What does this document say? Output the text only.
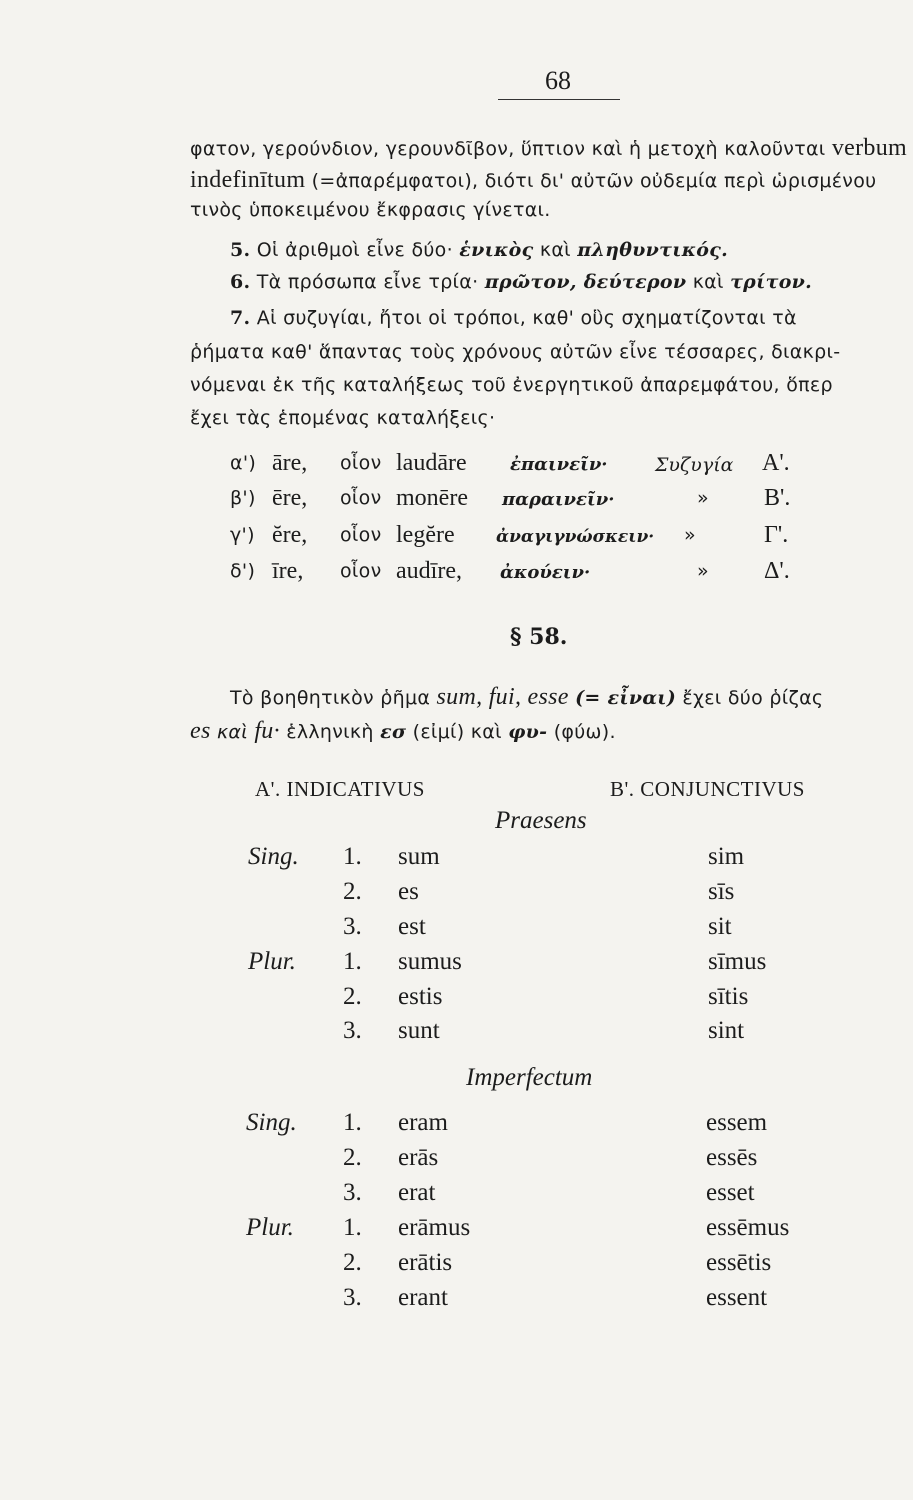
68
φατον, γερούνδιον, γερουνδῖβον, ὕπτιον καὶ ἡ μετοχὴ καλοῦνται verbum
indefinītum (=ἀπαρέμφατοι), διότι δι' αὐτῶν οὐδεμία περὶ ὡρισμένου
τινὸς ὑποκειμένου ἔκφρασις γίνεται.
5. Οἱ ἀριθμοὶ εἶνε δύο· ἑνικὸς καὶ πληθυντικός.
6. Τὰ πρόσωπα εἶνε τρία· πρῶτον, δεύτερον καὶ τρίτον.
7. Αἱ συζυγίαι, ἤτοι οἱ τρόποι, καθ' οὓς σχηματίζονται τὰ
ῥήματα καθ' ἅπαντας τοὺς χρόνους αὐτῶν εἶνε τέσσαρες, διακρι-
νόμεναι ἐκ τῆς καταλήξεως τοῦ ἐνεργητικοῦ ἀπαρεμφάτου, ὅπερ
ἔχει τὰς ἑπομένας καταλήξεις·
α') āre, οἷον laudāre ἐπαινεῖν· Συζυγία Α'.
β') ēre, οἷον monēre παραινεῖν·	» Β'.
γ') ĕre, οἷον legĕre ἀναγιγνώσκειν· »	Γ'.
δ') īre, οἷον audīre, ἀκούειν·	» Δ'.
§ 58.
Τὸ βοηθητικὸν ῥῆμα sum, fui, esse (= εἶναι) ἔχει δύο ῥίζας
es καὶ fu· ἑλληνικὴ εσ (εἰμί) καὶ φυ- (φύω).
Α'. INDICATIVUS	Β'. CONJUNCTIVUS
Praesens
Sing. 1. sum	sim
2. es	sīs
3. est	sit
Plur. 1. sumus	sīmus
2. estis	sītis
3. sunt	sint
Imperfectum
Sing. 1. eram	essem
2. erās	essēs
3. erat	esset
Plur. 1. erāmus	essēmus
2. erātis	essētis
3. erant	essent
